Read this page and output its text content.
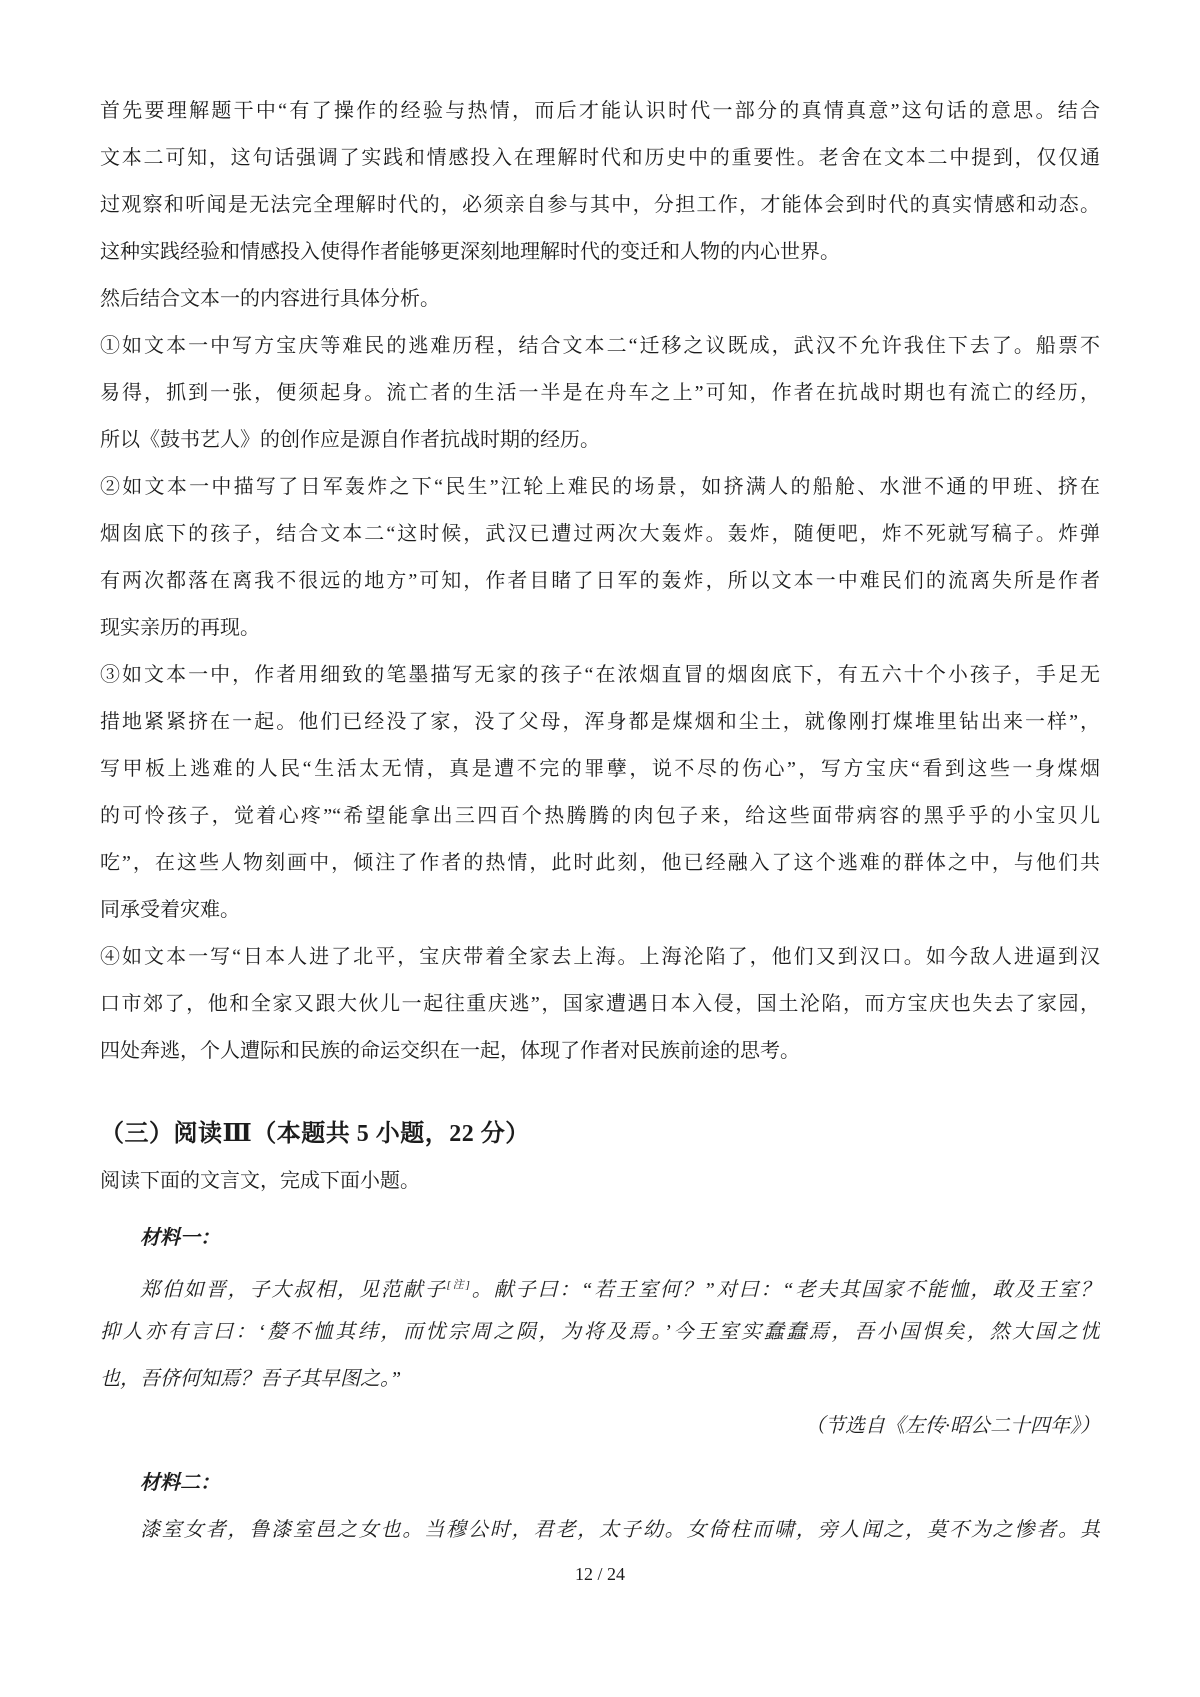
首先要理解题干中“有了操作的经验与热情，而后才能认识时代一部分的真情真意”这句话的意思。结合
文本二可知，这句话强调了实践和情感投入在理解时代和历史中的重要性。老舍在文本二中提到，仅仅通
过观察和听闻是无法完全理解时代的，必须亲自参与其中，分担工作，才能体会到时代的真实情感和动态。
这种实践经验和情感投入使得作者能够更深刻地理解时代的变迁和人物的内心世界。
然后结合文本一的内容进行具体分析。
①如文本一中写方宝庆等难民的逃难历程，结合文本二“迁移之议既成，武汉不允许我住下去了。船票不
易得，抓到一张，便须起身。流亡者的生活一半是在舟车之上”可知，作者在抗战时期也有流亡的经历，
所以《鼓书艺人》的创作应是源自作者抗战时期的经历。
②如文本一中描写了日军轰炸之下“民生”江轮上难民的场景，如挤满人的船舱、水泄不通的甲班、挤在
烟囱底下的孩子，结合文本二“这时候，武汉已遭过两次大轰炸。轰炸，随便吧，炸不死就写稿子。炸弹
有两次都落在离我不很远的地方”可知，作者目睹了日军的轰炸，所以文本一中难民们的流离失所是作者
现实亲历的再现。
③如文本一中，作者用细致的笔墨描写无家的孩子“在浓烟直冒的烟囱底下，有五六十个小孩子，手足无
措地紧紧挤在一起。他们已经没了家，没了父母，浑身都是煤烟和尘土，就像刚打煤堆里钻出来一样”，
写甲板上逃难的人民“生活太无情，真是遭不完的罪孽，说不尽的伤心”，写方宝庆“看到这些一身煤烟
的可怜孩子，觉着心疼”“希望能拿出三四百个热腾腾的肉包子来，给这些面带病容的黑乎乎的小宝贝儿
吃”，在这些人物刻画中，倾注了作者的热情，此时此刻，他已经融入了这个逃难的群体之中，与他们共
同承受着灾难。
④如文本一写“日本人进了北平，宝庆带着全家去上海。上海沦陷了，他们又到汉口。如今敌人进逼到汉
口市郊了，他和全家又跟大伙儿一起往重庆逃”，国家遭遇日本入侵，国土沦陷，而方宝庆也失去了家园，
四处奔逃，个人遭际和民族的命运交织在一起，体现了作者对民族前途的思考。
（三）阅读Ⅲ（本题共 5 小题，22 分）
阅读下面的文言文，完成下面小题。
材料一：
郑伯如晋，子大叔相，见范献子[注]。献子曰：“若王室何？”对曰：“老夫其国家不能恤，敢及王室？
抑人亦有言曰：‘嫠不恤其纬，而忧宗周之陨，为将及焉。’今王室实蠢蠢焉，吾小国惧矣，然大国之忧
也，吾侪何知焉？吾子其早图之。”
（节选自《左传·昭公二十四年》）
材料二：
漆室女者，鲁漆室邑之女也。当穆公时，君老，太子幼。女倚柱而啸，旁人闻之，莫不为之惨者。其
12 / 24
